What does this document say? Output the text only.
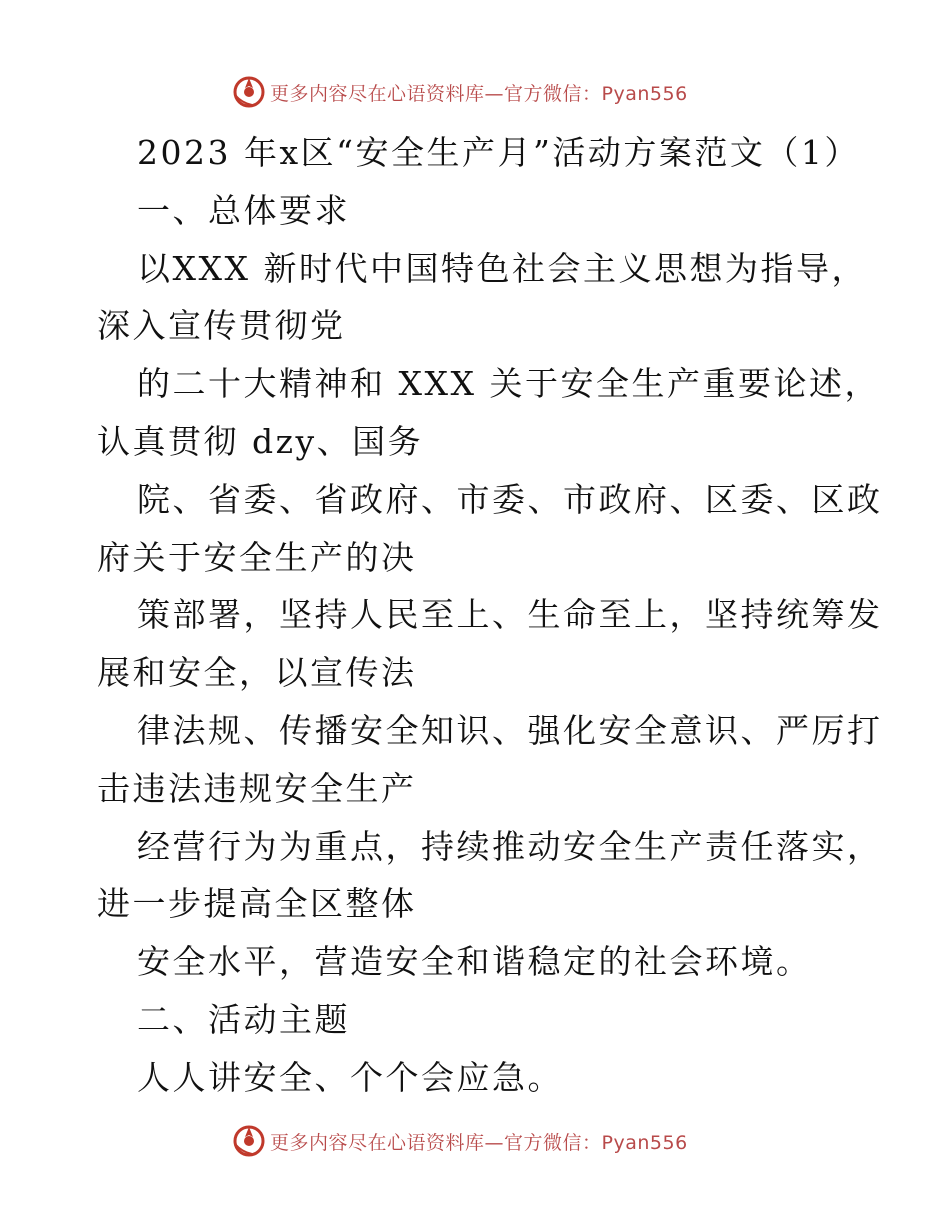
更多内容尽在心语资料库—官方微信：Pyan556

2023 年x区“安全生产月”活动方案范文（1）

一、总体要求

以XXX 新时代中国特色社会主义思想为指导，

深入宣传贯彻党

的二十大精神和 XXX 关于安全生产重要论述，

认真贯彻 dzy、国务

院、省委、省政府、市委、市政府、区委、区政

府关于安全生产的决

策部署，坚持人民至上、生命至上，坚持统筹发

展和安全，以宣传法

律法规、传播安全知识、强化安全意识、严厉打

击违法违规安全生产

经营行为为重点，持续推动安全生产责任落实，

进一步提高全区整体

安全水平，营造安全和谐稳定的社会环境。

二、活动主题

人人讲安全、个个会应急。

更多内容尽在心语资料库—官方微信：Pyan556
